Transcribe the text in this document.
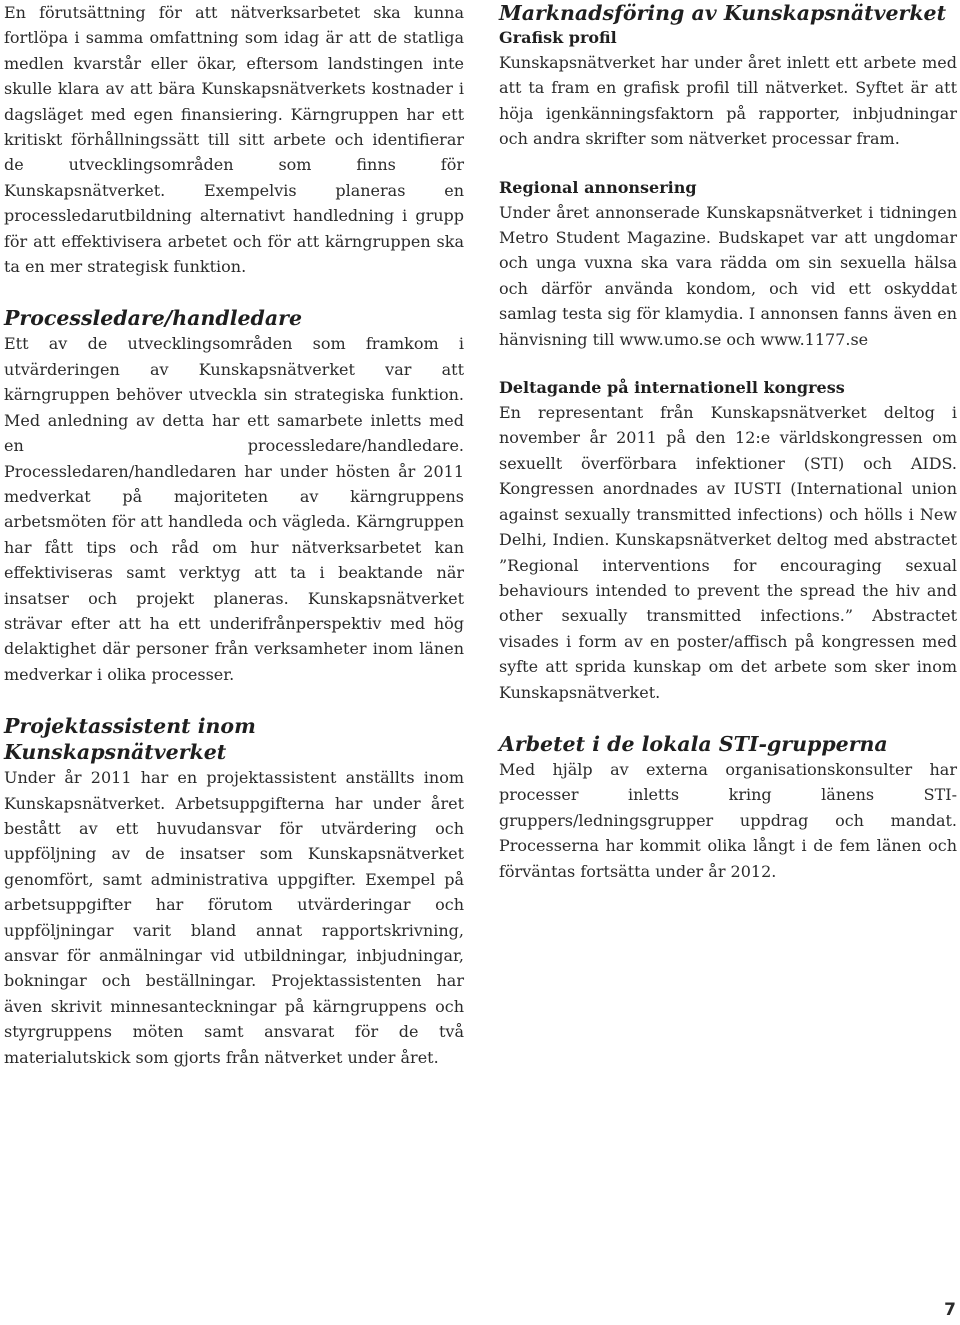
En förutsättning för att nätverksarbetet ska kunna fortlöpa i samma omfattning som idag är att de statliga medlen kvarstår eller ökar, eftersom landstingen inte skulle klara av att bära Kunskapsnätverkets kostnader i dagsläget med egen finansiering. Kärngruppen har ett kritiskt förhållningssätt till sitt arbete och identifierar de utvecklingsområden som finns för Kunskapsnätverket. Exempelvis planeras en processledarutbildning alternativt handledning i grupp för att effektivisera arbetet och för att kärngruppen ska ta en mer strategisk funktion.

Processledare/handledare

Ett av de utvecklingsområden som framkom i utvärderingen av Kunskapsnätverket var att kärngruppen behöver utveckla sin strategiska funktion. Med anledning av detta har ett samarbete inletts med en processledare/handledare. Processledaren/handledaren har under hösten år 2011 medverkat på majoriteten av kärngruppens arbetsmöten för att handleda och vägleda. Kärngruppen har fått tips och råd om hur nätverksarbetet kan effektiviseras samt verktyg att ta i beaktande när insatser och projekt planeras. Kunskapsnätverket strävar efter att ha ett underifrånperspektiv med hög delaktighet där personer från verksamheter inom länen medverkar i olika processer.

Projektassistent inom Kunskapsnätverket

Under år 2011 har en projektassistent anställts inom Kunskapsnätverket. Arbetsuppgifterna har under året bestått av ett huvudansvar för utvärdering och uppföljning av de insatser som Kunskapsnätverket genomfört, samt administrativa uppgifter. Exempel på arbetsuppgifter har förutom utvärderingar och uppföljningar varit bland annat rapportskrivning, ansvar för anmälningar vid utbildningar, inbjudningar, bokningar och beställningar. Projektassistenten har även skrivit minnesanteckningar på kärngruppens och styrgruppens möten samt ansvarat för de två materialutskick som gjorts från nätverket under året.

Marknadsföring av Kunskapsnätverket
Grafisk profil

Kunskapsnätverket har under året inlett ett arbete med att ta fram en grafisk profil till nätverket. Syftet är att höja igenkänningsfaktorn på rapporter, inbjudningar och andra skrifter som nätverket processar fram.

Regional annonsering

Under året annonserade Kunskapsnätverket i tidningen Metro Student Magazine. Budskapet var att ungdomar och unga vuxna ska vara rädda om sin sexuella hälsa och därför använda kondom, och vid ett oskyddat samlag testa sig för klamydia. I annonsen fanns även en hänvisning till www.umo.se och www.1177.se

Deltagande på internationell kongress

En representant från Kunskapsnätverket deltog i november år 2011 på den 12:e världskongressen om sexuellt överförbara infektioner (STI) och AIDS. Kongressen anordnades av IUSTI (International union against sexually transmitted infections) och hölls i New Delhi, Indien. Kunskapsnätverket deltog med abstractet ”Regional interventions for encouraging sexual behaviours intended to prevent the spread the hiv and other sexually transmitted infections.” Abstractet visades i form av en poster/affisch på kongressen med syfte att sprida kunskap om det arbete som sker inom Kunskapsnätverket.

Arbetet i de lokala STI-grupperna

Med hjälp av externa organisationskonsulter har processer inletts kring länens STI-gruppers/ledningsgrupper uppdrag och mandat. Processerna har kommit olika långt i de fem länen och förväntas fortsätta under år 2012.

7
